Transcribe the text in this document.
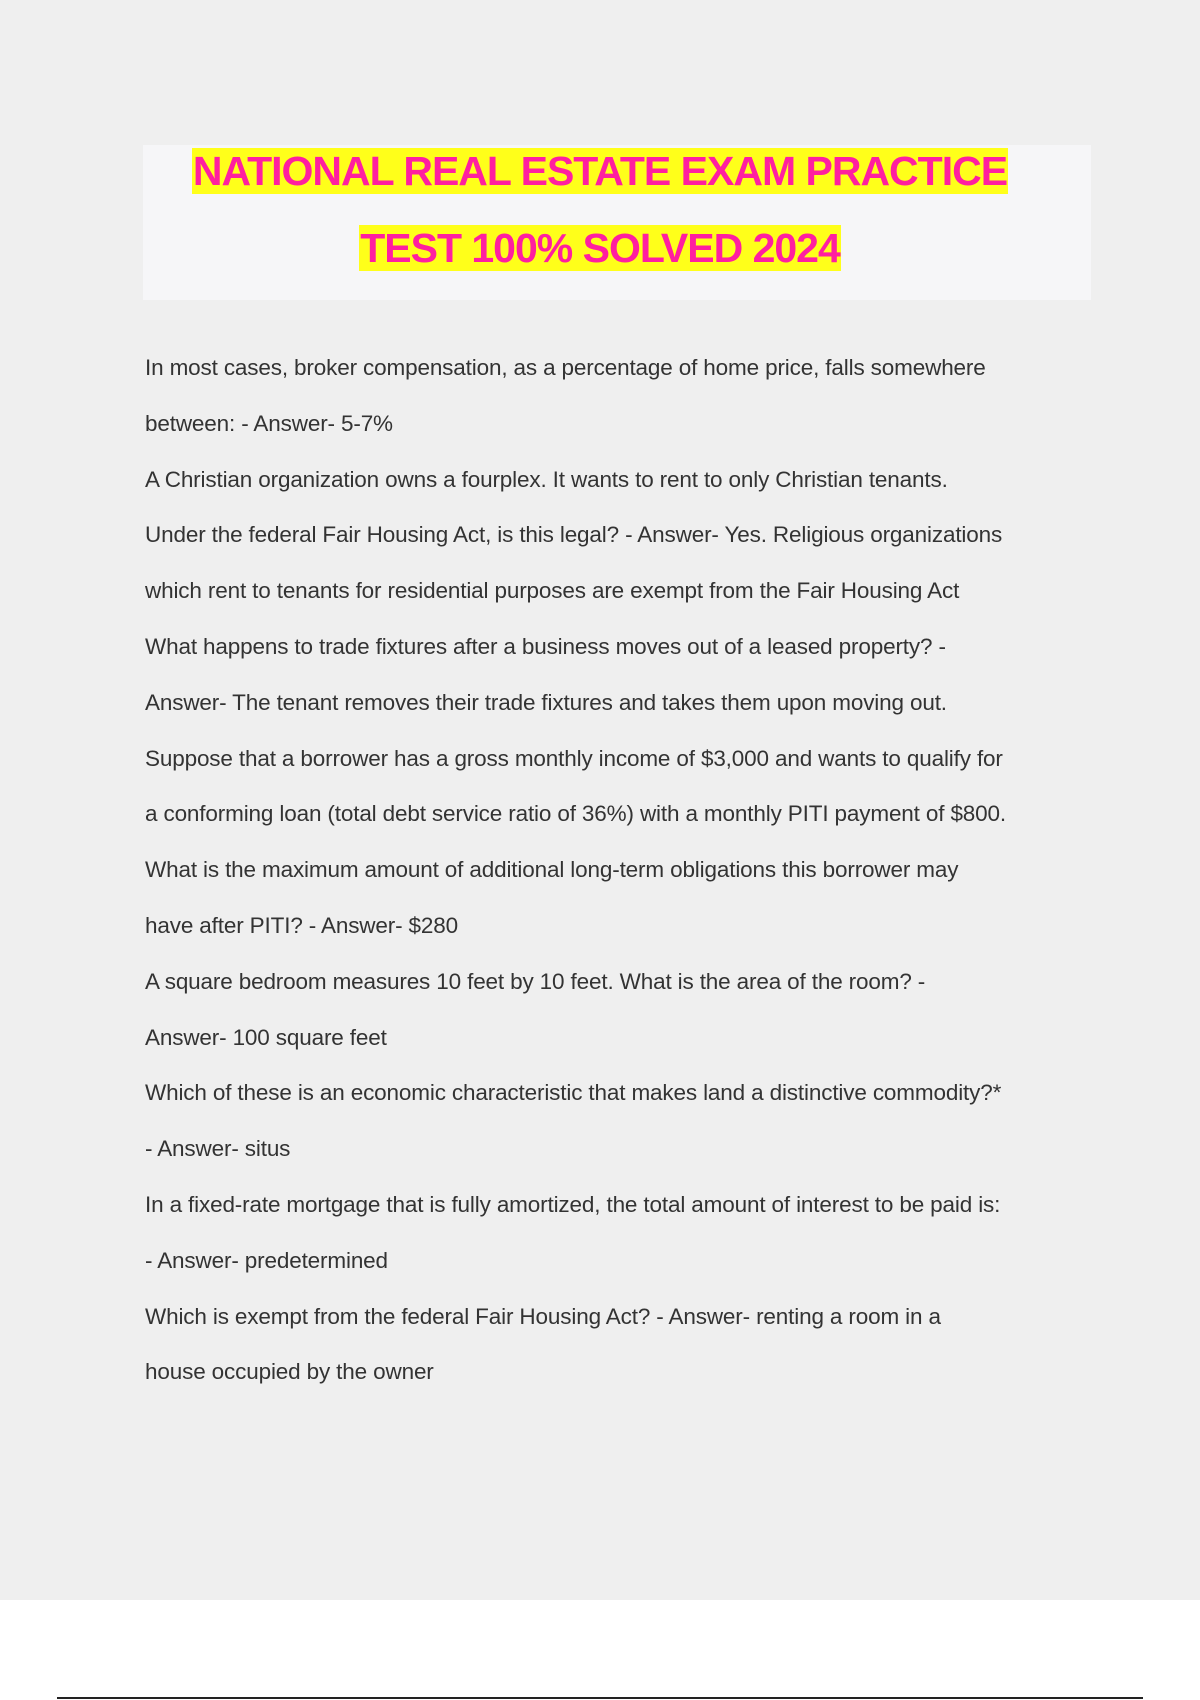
NATIONAL REAL ESTATE EXAM PRACTICE
TEST 100% SOLVED 2024
In most cases, broker compensation, as a percentage of home price, falls somewhere
between: - Answer- 5-7%
A Christian organization owns a fourplex. It wants to rent to only Christian tenants.
Under the federal Fair Housing Act, is this legal? - Answer- Yes. Religious organizations
which rent to tenants for residential purposes are exempt from the Fair Housing Act
What happens to trade fixtures after a business moves out of a leased property? -
Answer- The tenant removes their trade fixtures and takes them upon moving out.
Suppose that a borrower has a gross monthly income of $3,000 and wants to qualify for
a conforming loan (total debt service ratio of 36%) with a monthly PITI payment of $800.
What is the maximum amount of additional long-term obligations this borrower may
have after PITI? - Answer- $280
A square bedroom measures 10 feet by 10 feet. What is the area of the room? -
Answer- 100 square feet
Which of these is an economic characteristic that makes land a distinctive commodity?*
- Answer- situs
In a fixed-rate mortgage that is fully amortized, the total amount of interest to be paid is:
- Answer- predetermined
Which is exempt from the federal Fair Housing Act? - Answer- renting a room in a
house occupied by the owner
